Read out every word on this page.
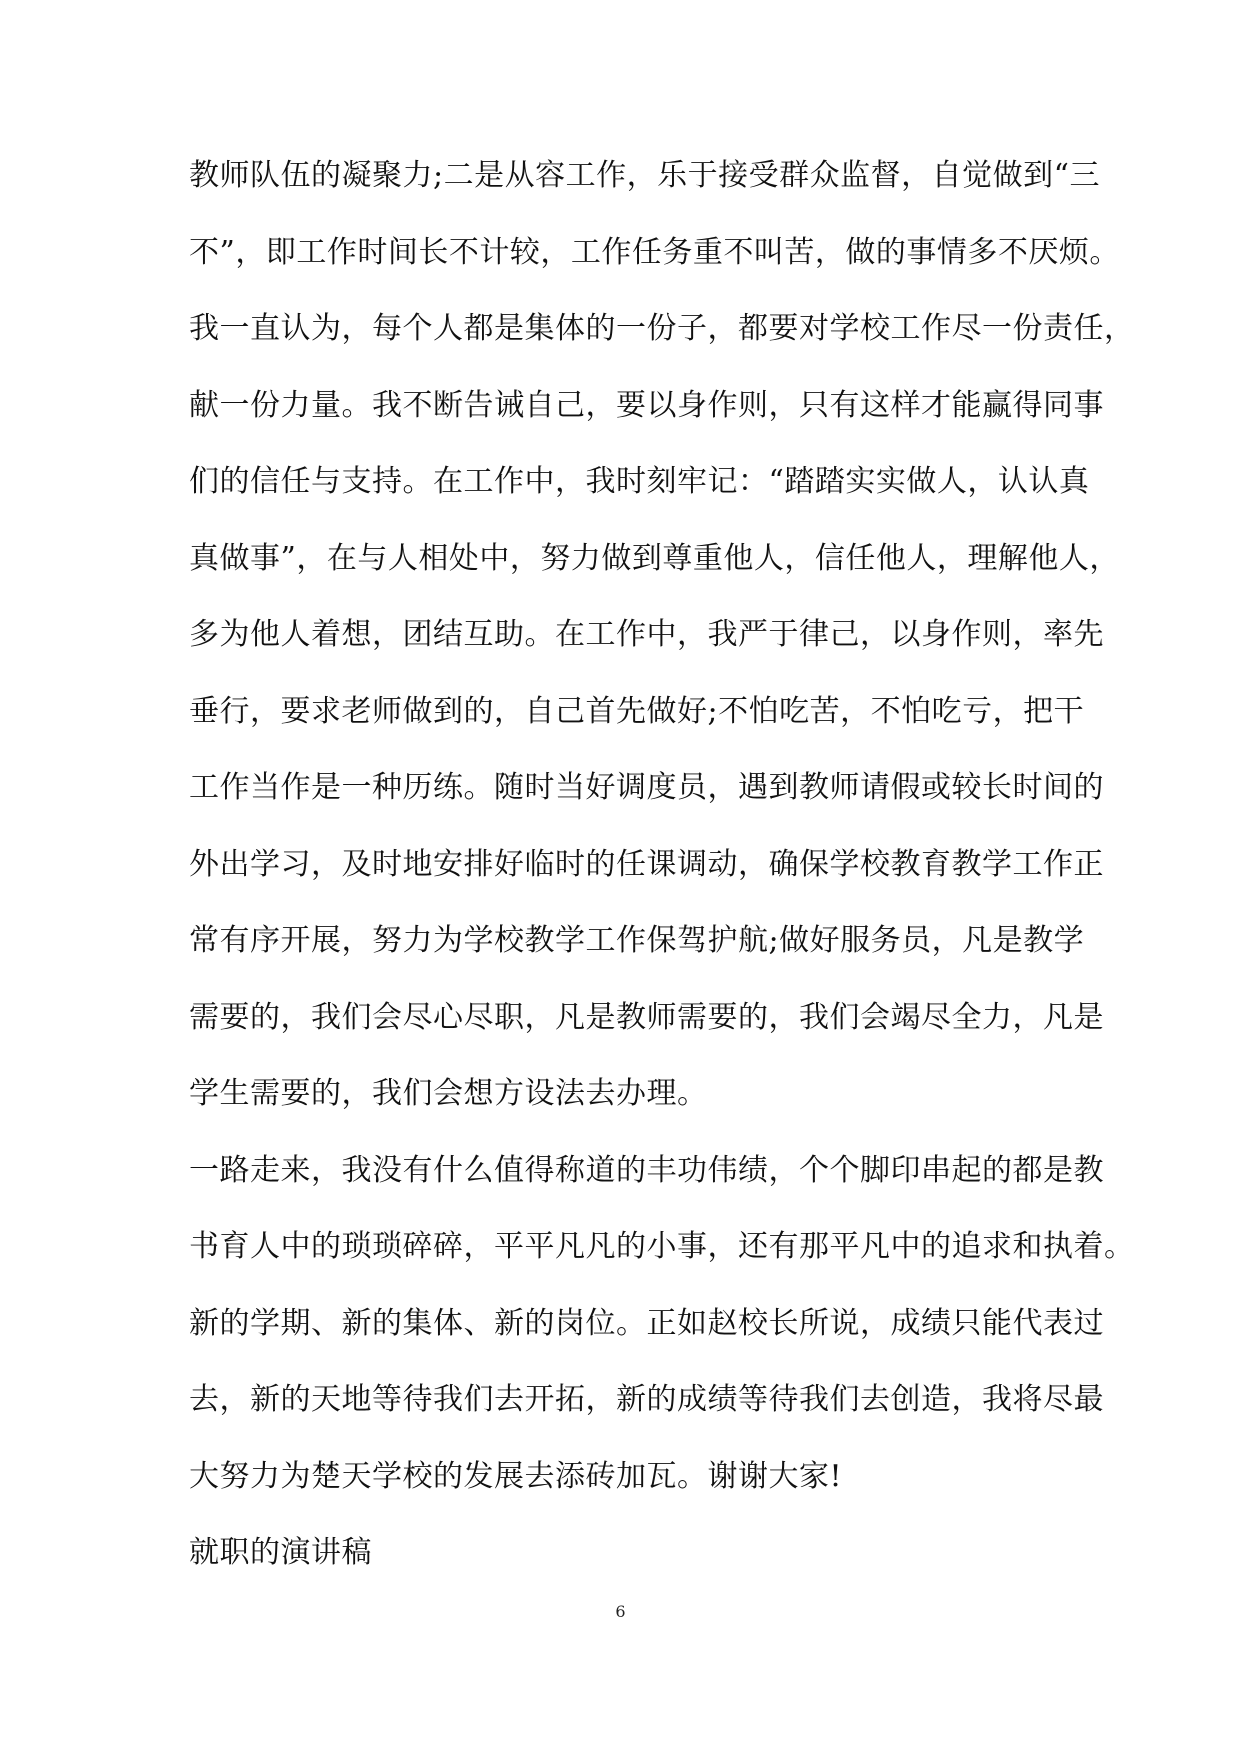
教师队伍的凝聚力;二是从容工作，乐于接受群众监督，自觉做到“三
不”，即工作时间长不计较，工作任务重不叫苦，做的事情多不厌烦。
我一直认为，每个人都是集体的一份子，都要对学校工作尽一份责任，
献一份力量。我不断告诫自己，要以身作则，只有这样才能赢得同事
们的信任与支持。在工作中，我时刻牢记：“踏踏实实做人，认认真
真做事”，在与人相处中，努力做到尊重他人，信任他人，理解他人，
多为他人着想，团结互助。在工作中，我严于律己，以身作则，率先
垂行，要求老师做到的，自己首先做好;不怕吃苦，不怕吃亏，把干
工作当作是一种历练。随时当好调度员，遇到教师请假或较长时间的
外出学习，及时地安排好临时的任课调动，确保学校教育教学工作正
常有序开展，努力为学校教学工作保驾护航;做好服务员，凡是教学
需要的，我们会尽心尽职，凡是教师需要的，我们会竭尽全力，凡是
学生需要的，我们会想方设法去办理。
一路走来，我没有什么值得称道的丰功伟绩，个个脚印串起的都是教
书育人中的琐琐碎碎，平平凡凡的小事，还有那平凡中的追求和执着。
新的学期、新的集体、新的岗位。正如赵校长所说，成绩只能代表过
去，新的天地等待我们去开拓，新的成绩等待我们去创造，我将尽最
大努力为楚天学校的发展去添砖加瓦。谢谢大家!
就职的演讲稿
6
